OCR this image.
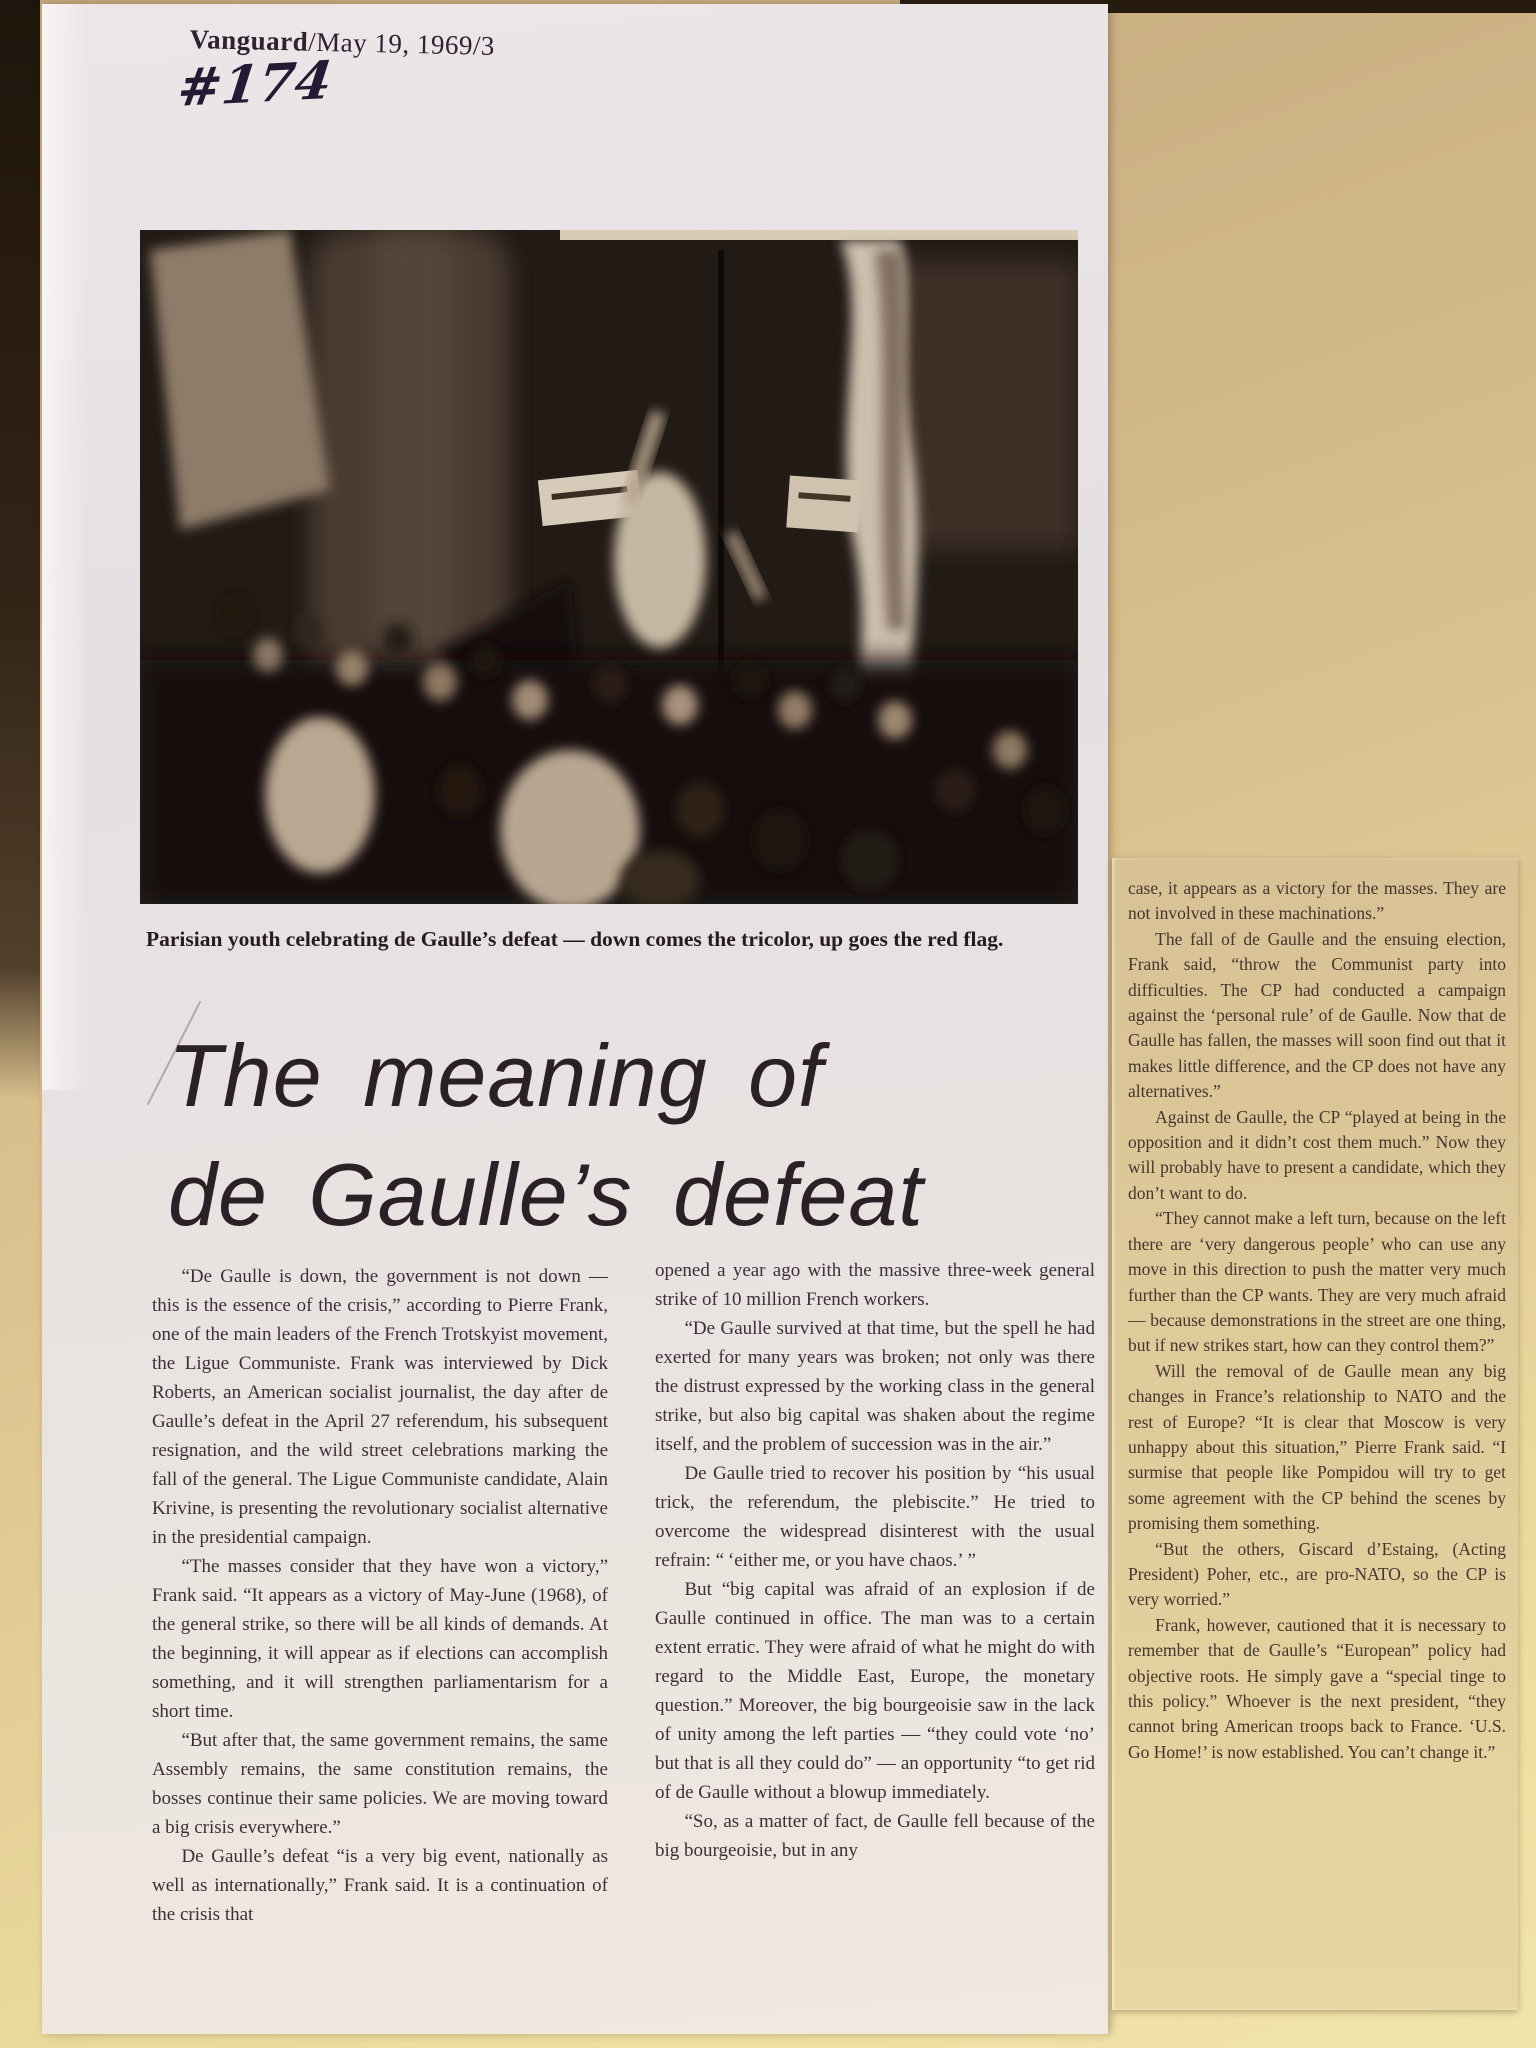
Vanguard/May 19, 1969/3
#174
Parisian youth celebrating de Gaulle’s defeat — down comes the tricolor, up goes the red flag.
The meaning of
de Gaulle’s defeat

“De Gaulle is down, the government is not down — this is the essence of the crisis,” according to Pierre Frank, one of the main leaders of the French Trotskyist movement, the Ligue Communiste. Frank was interviewed by Dick Roberts, an American socialist journalist, the day after de Gaulle’s defeat in the April 27 referendum, his subsequent resignation, and the wild street celebrations marking the fall of the general. The Ligue Communiste candidate, Alain Krivine, is presenting the revolutionary socialist alternative in the presidential campaign.

“The masses consider that they have won a victory,” Frank said. “It appears as a victory of May-June (1968), of the general strike, so there will be all kinds of demands. At the beginning, it will appear as if elections can accomplish something, and it will strengthen parliamentarism for a short time.

“But after that, the same government remains, the same Assembly remains, the same constitution remains, the bosses continue their same policies. We are moving toward a big crisis everywhere.”

De Gaulle’s defeat “is a very big event, nationally as well as internationally,” Frank said. It is a continuation of the crisis that

opened a year ago with the massive three-week general strike of 10 million French workers.

“De Gaulle survived at that time, but the spell he had exerted for many years was broken; not only was there the distrust expressed by the working class in the general strike, but also big capital was shaken about the regime itself, and the problem of succession was in the air.”

De Gaulle tried to recover his position by “his usual trick, the referendum, the plebiscite.” He tried to overcome the widespread disinterest with the usual refrain: “ ‘either me, or you have chaos.’ ”

But “big capital was afraid of an explosion if de Gaulle continued in office. The man was to a certain extent erratic. They were afraid of what he might do with regard to the Middle East, Europe, the monetary question.” Moreover, the big bourgeoisie saw in the lack of unity among the left parties — “they could vote ‘no’ but that is all they could do” — an opportunity “to get rid of de Gaulle without a blowup immediately.

“So, as a matter of fact, de Gaulle fell because of the big bourgeoisie, but in any

case, it appears as a victory for the masses. They are not involved in these machinations.”

The fall of de Gaulle and the ensuing election, Frank said, “throw the Communist party into difficulties. The CP had conducted a campaign against the ‘personal rule’ of de Gaulle. Now that de Gaulle has fallen, the masses will soon find out that it makes little difference, and the CP does not have any alternatives.”

Against de Gaulle, the CP “played at being in the opposition and it didn’t cost them much.” Now they will probably have to present a candidate, which they don’t want to do.

“They cannot make a left turn, because on the left there are ‘very dangerous people’ who can use any move in this direction to push the matter very much further than the CP wants. They are very much afraid — because demonstrations in the street are one thing, but if new strikes start, how can they control them?”

Will the removal of de Gaulle mean any big changes in France’s relationship to NATO and the rest of Europe? “It is clear that Moscow is very unhappy about this situation,” Pierre Frank said. “I surmise that people like Pompidou will try to get some agreement with the CP behind the scenes by promising them something.

“But the others, Giscard d’Estaing, (Acting President) Poher, etc., are pro-NATO, so the CP is very worried.”

Frank, however, cautioned that it is necessary to remember that de Gaulle’s “European” policy had objective roots. He simply gave a “special tinge to this policy.” Whoever is the next president, “they cannot bring American troops back to France. ‘U.S. Go Home!’ is now established. You can’t change it.”
